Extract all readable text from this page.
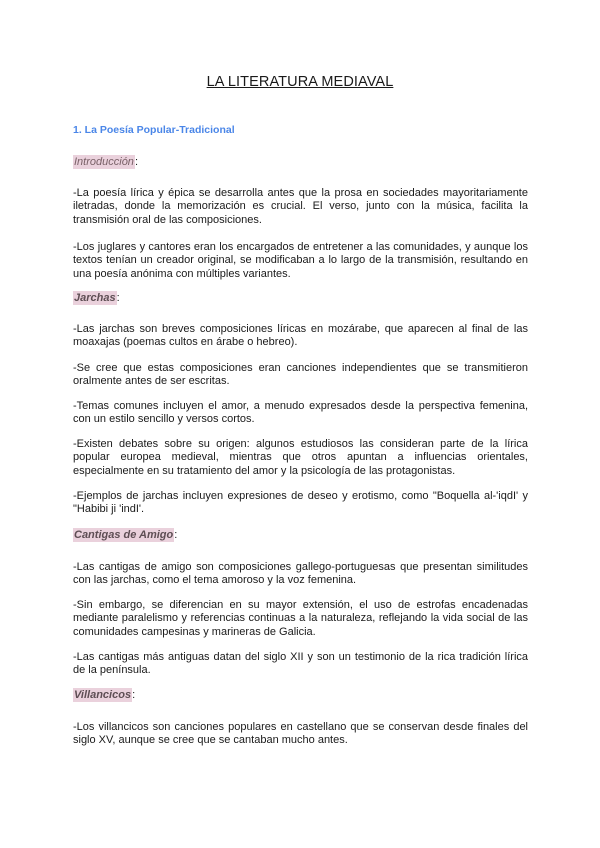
LA LITERATURA MEDIAVAL
1. La Poesía Popular-Tradicional
Introducción:

-La poesía lírica y épica se desarrolla antes que la prosa en sociedades mayoritariamente iletradas, donde la memorización es crucial. El verso, junto con la música, facilita la transmisión oral de las composiciones.

-Los juglares y cantores eran los encargados de entretener a las comunidades, y aunque los textos tenían un creador original, se modificaban a lo largo de la transmisión, resultando en una poesía anónima con múltiples variantes.

Jarchas:

-Las jarchas son breves composiciones líricas en mozárabe, que aparecen al final de las moaxajas (poemas cultos en árabe o hebreo).

-Se cree que estas composiciones eran canciones independientes que se transmitieron oralmente antes de ser escritas.

-Temas comunes incluyen el amor, a menudo expresados desde la perspectiva femenina, con un estilo sencillo y versos cortos.

-Existen debates sobre su origen: algunos estudiosos las consideran parte de la lírica popular europea medieval, mientras que otros apuntan a influencias orientales, especialmente en su tratamiento del amor y la psicología de las protagonistas.

-Ejemplos de jarchas incluyen expresiones de deseo y erotismo, como "Boquella al-'iqdI' y "Habibi ji 'indI'.

Cantigas de Amigo:

-Las cantigas de amigo son composiciones gallego-portuguesas que presentan similitudes con las jarchas, como el tema amoroso y la voz femenina.

-Sin embargo, se diferencian en su mayor extensión, el uso de estrofas encadenadas mediante paralelismo y referencias continuas a la naturaleza, reflejando la vida social de las comunidades campesinas y marineras de Galicia.

-Las cantigas más antiguas datan del siglo XII y son un testimonio de la rica tradición lírica de la península.

Villancicos:

-Los villancicos son canciones populares en castellano que se conservan desde finales del siglo XV, aunque se cree que se cantaban mucho antes.
